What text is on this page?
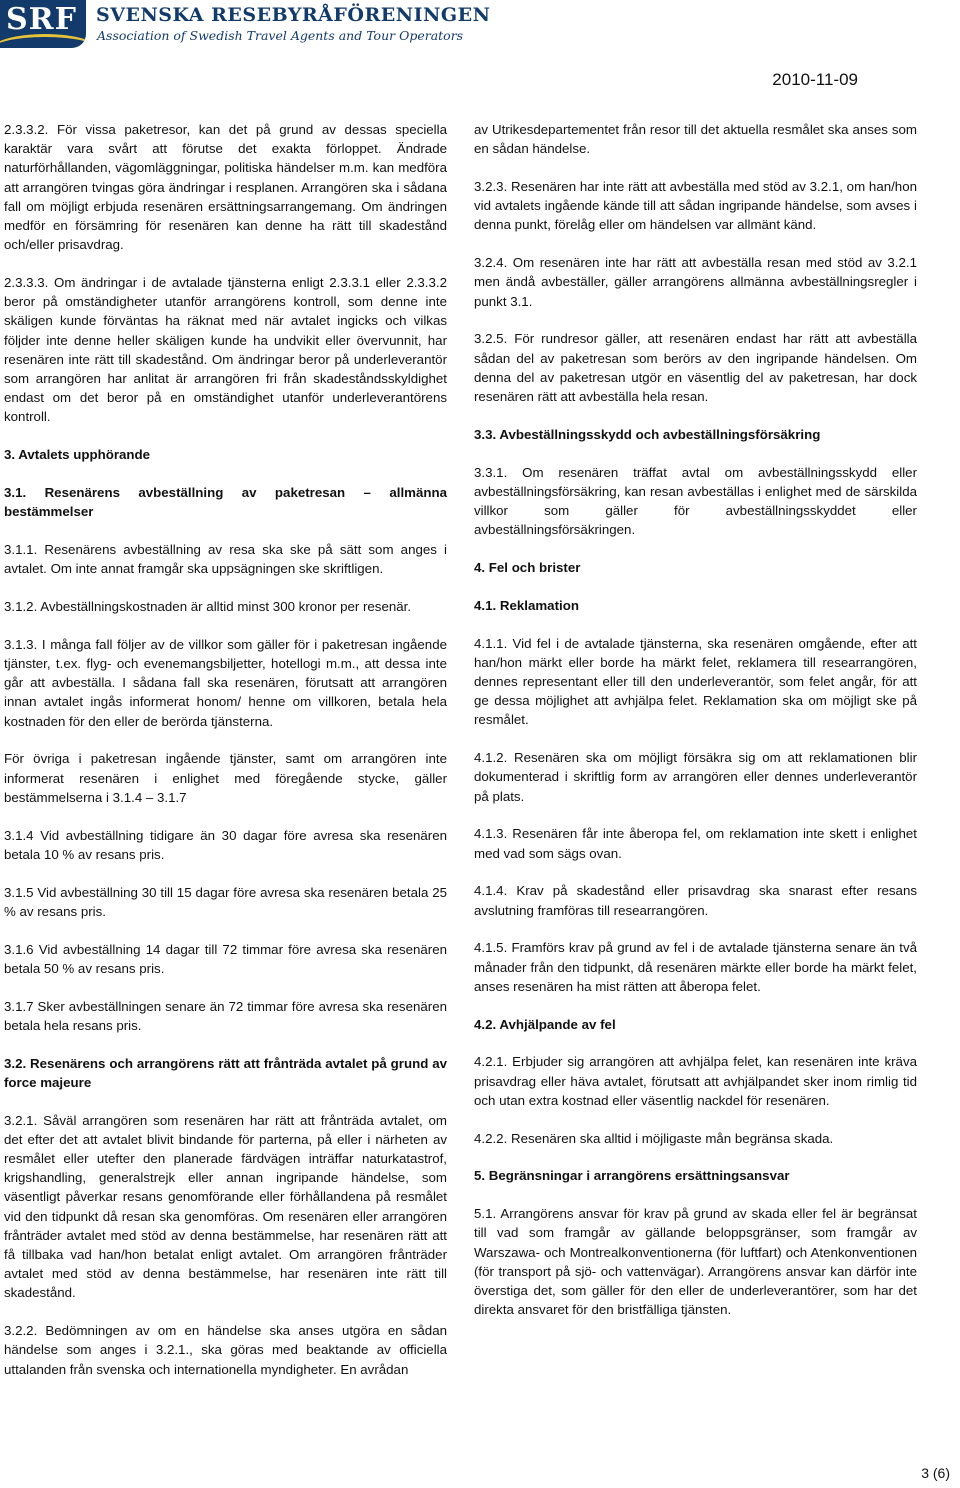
SRF SVENSKA RESEBYRÅFÖRENINGEN
Association of Swedish Travel Agents and Tour Operators
2010-11-09

2.3.3.2. För vissa paketresor, kan det på grund av dessas speciella karaktär vara svårt att förutse det exakta förloppet. Ändrade naturförhållanden, vägomläggningar, politiska händelser m.m. kan medföra att arrangören tvingas göra ändringar i resplanen. Arrangören ska i sådana fall om möjligt erbjuda resenären ersättningsarrangemang. Om ändringen medför en försämring för resenären kan denne ha rätt till skadestånd och/eller prisavdrag.

2.3.3.3. Om ändringar i de avtalade tjänsterna enligt 2.3.3.1 eller 2.3.3.2 beror på omständigheter utanför arrangörens kontroll, som denne inte skäligen kunde förväntas ha räknat med när avtalet ingicks och vilkas följder inte denne heller skäligen kunde ha undvikit eller övervunnit, har resenären inte rätt till skadestånd. Om ändringar beror på underleverantör som arrangören har anlitat är arrangören fri från skadeståndsskyldighet endast om det beror på en omständighet utanför underleverantörens kontroll.

3. Avtalets upphörande

3.1. Resenärens avbeställning av paketresan – allmänna bestämmelser

3.1.1. Resenärens avbeställning av resa ska ske på sätt som anges i avtalet. Om inte annat framgår ska uppsägningen ske skriftligen.

3.1.2. Avbeställningskostnaden är alltid minst 300 kronor per resenär.

3.1.3. I många fall följer av de villkor som gäller för i paketresan ingående tjänster, t.ex. flyg- och evenemangsbiljetter, hotellogi m.m., att dessa inte går att avbeställa. I sådana fall ska resenären, förutsatt att arrangören innan avtalet ingås informerat honom/ henne om villkoren, betala hela kostnaden för den eller de berörda tjänsterna.

För övriga i paketresan ingående tjänster, samt om arrangören inte informerat resenären i enlighet med föregående stycke, gäller bestämmelserna i 3.1.4 – 3.1.7

3.1.4 Vid avbeställning tidigare än 30 dagar före avresa ska resenären betala 10 % av resans pris.

3.1.5 Vid avbeställning 30 till 15 dagar före avresa ska resenären betala 25 % av resans pris.

3.1.6 Vid avbeställning 14 dagar till 72 timmar före avresa ska resenären betala 50 % av resans pris.

3.1.7 Sker avbeställningen senare än 72 timmar före avresa ska resenären betala hela resans pris.

3.2. Resenärens och arrangörens rätt att frånträda avtalet på grund av force majeure

3.2.1. Såväl arrangören som resenären har rätt att frånträda avtalet, om det efter det att avtalet blivit bindande för parterna, på eller i närheten av resmålet eller utefter den planerade färdvägen inträffar naturkatastrof, krigshandling, generalstrejk eller annan ingripande händelse, som väsentligt påverkar resans genomförande eller förhållandena på resmålet vid den tidpunkt då resan ska genomföras. Om resenären eller arrangören frånträder avtalet med stöd av denna bestämmelse, har resenären rätt att få tillbaka vad han/hon betalat enligt avtalet. Om arrangören frånträder avtalet med stöd av denna bestämmelse, har resenären inte rätt till skadestånd.

3.2.2. Bedömningen av om en händelse ska anses utgöra en sådan händelse som anges i 3.2.1., ska göras med beaktande av officiella uttalanden från svenska och internationella myndigheter. En avrådan

av Utrikesdepartementet från resor till det aktuella resmålet ska anses som en sådan händelse.

3.2.3. Resenären har inte rätt att avbeställa med stöd av 3.2.1, om han/hon vid avtalets ingående kände till att sådan ingripande händelse, som avses i denna punkt, förelåg eller om händelsen var allmänt känd.

3.2.4. Om resenären inte har rätt att avbeställa resan med stöd av 3.2.1 men ändå avbeställer, gäller arrangörens allmänna avbeställningsregler i punkt 3.1.

3.2.5. För rundresor gäller, att resenären endast har rätt att avbeställa sådan del av paketresan som berörs av den ingripande händelsen. Om denna del av paketresan utgör en väsentlig del av paketresan, har dock resenären rätt att avbeställa hela resan.

3.3. Avbeställningsskydd och avbeställningsförsäkring

3.3.1. Om resenären träffat avtal om avbeställningsskydd eller avbeställningsförsäkring, kan resan avbeställas i enlighet med de särskilda villkor som gäller för avbeställningsskyddet eller avbeställningsförsäkringen.

4. Fel och brister

4.1. Reklamation

4.1.1. Vid fel i de avtalade tjänsterna, ska resenären omgående, efter att han/hon märkt eller borde ha märkt felet, reklamera till researrangören, dennes representant eller till den underleverantör, som felet angår, för att ge dessa möjlighet att avhjälpa felet. Reklamation ska om möjligt ske på resmålet.

4.1.2. Resenären ska om möjligt försäkra sig om att reklamationen blir dokumenterad i skriftlig form av arrangören eller dennes underleverantör på plats.

4.1.3. Resenären får inte åberopa fel, om reklamation inte skett i enlighet med vad som sägs ovan.

4.1.4. Krav på skadestånd eller prisavdrag ska snarast efter resans avslutning framföras till researrangören.

4.1.5. Framförs krav på grund av fel i de avtalade tjänsterna senare än två månader från den tidpunkt, då resenären märkte eller borde ha märkt felet, anses resenären ha mist rätten att åberopa felet.

4.2. Avhjälpande av fel

4.2.1. Erbjuder sig arrangören att avhjälpa felet, kan resenären inte kräva prisavdrag eller häva avtalet, förutsatt att avhjälpandet sker inom rimlig tid och utan extra kostnad eller väsentlig nackdel för resenären.

4.2.2. Resenären ska alltid i möjligaste mån begränsa skada.

5. Begränsningar i arrangörens ersättningsansvar

5.1. Arrangörens ansvar för krav på grund av skada eller fel är begränsat till vad som framgår av gällande beloppsgränser, som framgår av Warszawa- och Montrealkonventionerna (för luftfart) och Atenkonventionen (för transport på sjö- och vattenvägar). Arrangörens ansvar kan därför inte överstiga det, som gäller för den eller de underleverantörer, som har det direkta ansvaret för den bristfälliga tjänsten.

3 (6)
